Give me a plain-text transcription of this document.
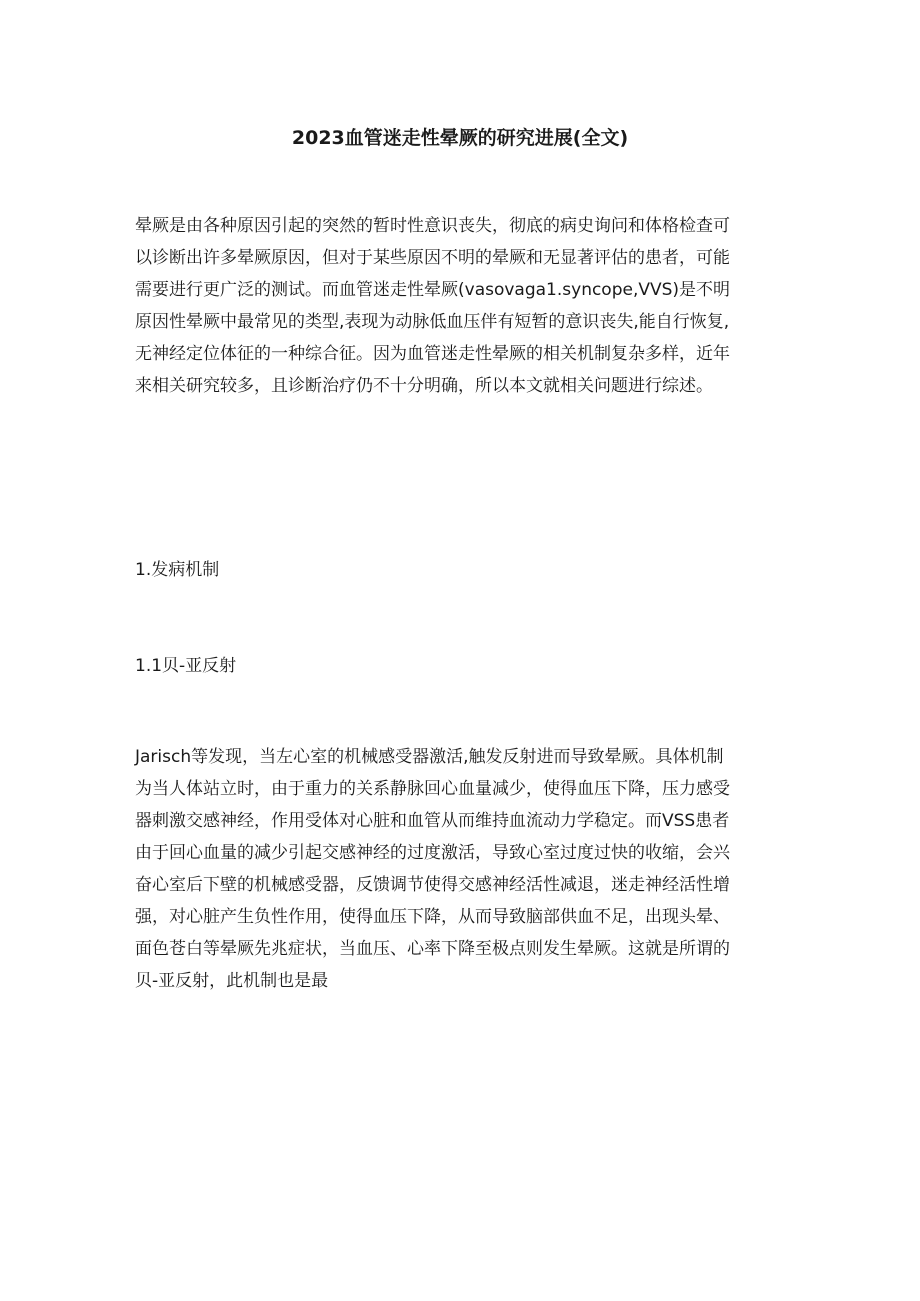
2023血管迷走性晕厥的研究进展(全文)
晕厥是由各种原因引起的突然的暂时性意识丧失，彻底的病史询问和体格检查可
以诊断出许多晕厥原因，但对于某些原因不明的晕厥和无显著评估的患者，可能
需要进行更广泛的测试。而血管迷走性晕厥(vasovaga1.syncope,VVS)是不明
原因性晕厥中最常见的类型,表现为动脉低血压伴有短暂的意识丧失,能自行恢复,
无神经定位体征的一种综合征。因为血管迷走性晕厥的相关机制复杂多样，近年
来相关研究较多，且诊断治疗仍不十分明确，所以本文就相关问题进行综述。
1.发病机制
1.1贝-亚反射
Jarisch等发现，当左心室的机械感受器激活,触发反射进而导致晕厥。具体机制
为当人体站立时，由于重力的关系静脉回心血量减少，使得血压下降，压力感受
器刺激交感神经，作用受体对心脏和血管从而维持血流动力学稳定。而VSS患者
由于回心血量的减少引起交感神经的过度激活，导致心室过度过快的收缩，会兴
奋心室后下壁的机械感受器，反馈调节使得交感神经活性减退，迷走神经活性增
强，对心脏产生负性作用，使得血压下降，从而导致脑部供血不足，出现头晕、
面色苍白等晕厥先兆症状，当血压、心率下降至极点则发生晕厥。这就是所谓的
贝-亚反射，此机制也是最
